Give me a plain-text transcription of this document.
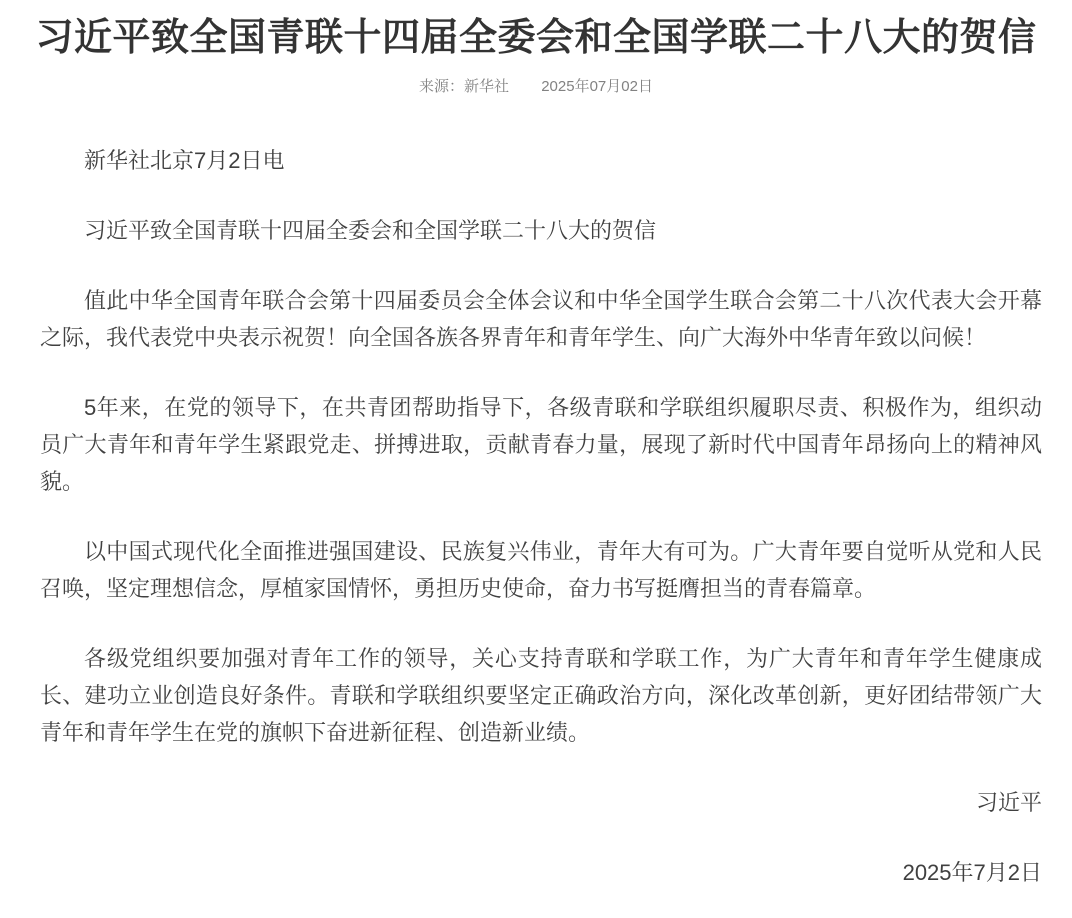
习近平致全国青联十四届全委会和全国学联二十八大的贺信
来源：新华社 2025年07月02日

新华社北京7月2日电

习近平致全国青联十四届全委会和全国学联二十八大的贺信

值此中华全国青年联合会第十四届委员会全体会议和中华全国学生联合会第二十八次代表大会开幕之际，我代表党中央表示祝贺！向全国各族各界青年和青年学生、向广大海外中华青年致以问候！

5年来，在党的领导下，在共青团帮助指导下，各级青联和学联组织履职尽责、积极作为，组织动员广大青年和青年学生紧跟党走、拼搏进取，贡献青春力量，展现了新时代中国青年昂扬向上的精神风貌。

以中国式现代化全面推进强国建设、民族复兴伟业，青年大有可为。广大青年要自觉听从党和人民召唤，坚定理想信念，厚植家国情怀，勇担历史使命，奋力书写挺膺担当的青春篇章。

各级党组织要加强对青年工作的领导，关心支持青联和学联工作，为广大青年和青年学生健康成长、建功立业创造良好条件。青联和学联组织要坚定正确政治方向，深化改革创新，更好团结带领广大青年和青年学生在党的旗帜下奋进新征程、创造新业绩。

习近平

2025年7月2日
